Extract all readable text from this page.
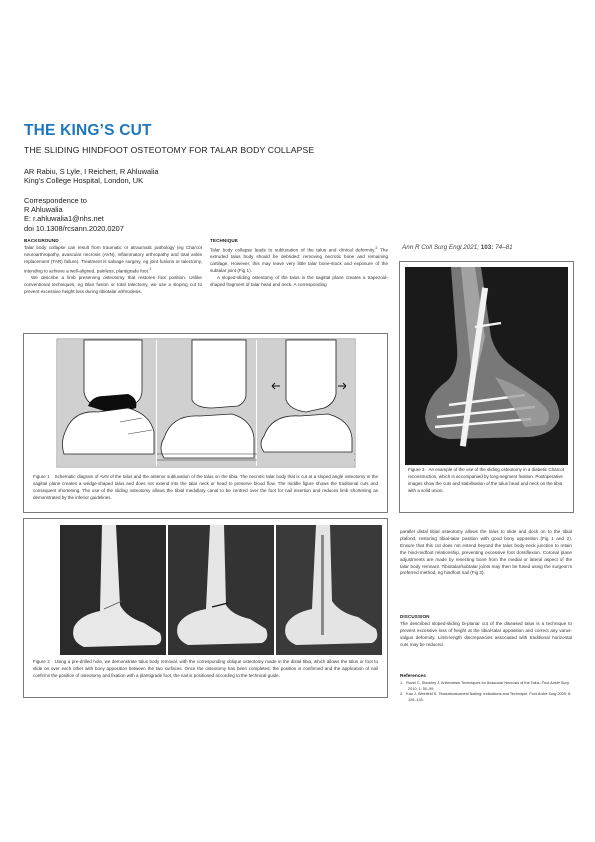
THE KING’S CUT
THE SLIDING HINDFOOT OSTEOTOMY FOR TALAR BODY COLLAPSE
AR Rabiu, S Lyle, I Reichert, R Ahluwalia
King’s College Hospital, London, UK
Correspondence to
R Ahluwalia
E: r.ahluwalia1@nhs.net
doi 10.1308/rcsann.2020.0207
BACKGROUND
Talar body collapse can result from traumatic or atraumatic pathology (eg Charcot neuroarthropathy, avascular necrosis (AVN), inflammatory arthropathy and total ankle replacement (TAR) failure). Treatment is salvage surgery, eg joint fusions or talectomy, intending to achieve a well-aligned, painless, plantigrade foot.$^1$
We describe a limb preserving osteotomy that restores foot position. Unlike conventional techniques, eg Blair fusion or total talectomy, we use a sloping cut to prevent excessive height loss during tibiotalar arthrodesis.
TECHNIQUE
Talar body collapse leads to subluxation of the talus and clinical deformity.$^2$ The extruded talus body should be debrided: removing necrotic bone and remaining cartilage. However, this may leave very little talar bone-stock and exposure of the subtalar joint (Fig 1).
A sloped-sliding osteotomy of the talus in the sagittal plane creates a trapezoid-shaped fragment of talar head and neck. A corresponding
Ann R Coll Surg Engl 2021; 103: 74–81
Figure 1 Schematic diagram of AVN of the talus and the anterior subluxation of the talus on the tibia. The necrotic talar body that is cut at a sloped angle osteotomy in the sagittal plane creates a wedge-shaped talus and does not extend into the talar neck or head to preserve blood flow. The middle figure shows the traditional cuts and consequent shortening. The use of the sliding osteotomy allows the tibial medullary canal to be centred over the foot for nail insertion and reduces limb shortening as demonstrated by the inferior guidelines.
Figure 3 An example of the use of the sliding osteotomy in a diabetic Charcot reconstruction, which is accompanied by long-segment fixation. Postoperative images show the cuts and stabilisation of the talus head and neck on the tibia with a solid union.
Figure 2 Using a pre-drilled hole, we demonstrate talus body removal, with the corresponding oblique osteotomy made in the distal tibia, which allows the talus or foot to slide on over each other with bony apposition between the two surfaces. Once the osteotomy has been completed, the position is confirmed and the application of nail confirms the position of osteotomy and fixation with a plantigrade foot, the nail is positioned according to the technical guide.
parallel distal tibial osteotomy allows the talus to slide and dock on to the tibial plafond, restoring tibial-talar position with good bony apposition (Fig 1 and 2). Ensure that this cut does not extend beyond the talus body-neck junction to retain the hind-midfoot relationship, preventing excessive foot dorsiflexion. Coronal plane adjustments are made by resecting bone from the medial or lateral aspect of the talar body remnant. Tibiotalar/subtalar joints may then be fused using the surgeon’s preferred method, eg hindfoot nail (Fig 3).
DISCUSSION
The described sloped-sliding bi-planar cut of the diseased talus is a technique to prevent excessive loss of height at the tibial-talar apposition and correct any varus-valgus deformity. Limb-length discrepancies associated with traditional horizontal cuts may be reduced.
References
1. Rozel C, Steckley J. Arthrodesis Techniques for Avascular Necrosis of the Talus. Foot Ankle Surg 2010; 1: 50–59.
2. Kao J, Weinfeld S. Tibiotalocalcaneal Nailing: Indications and Technique. Foot Ankle Surg 2009; 8: 126–133.
